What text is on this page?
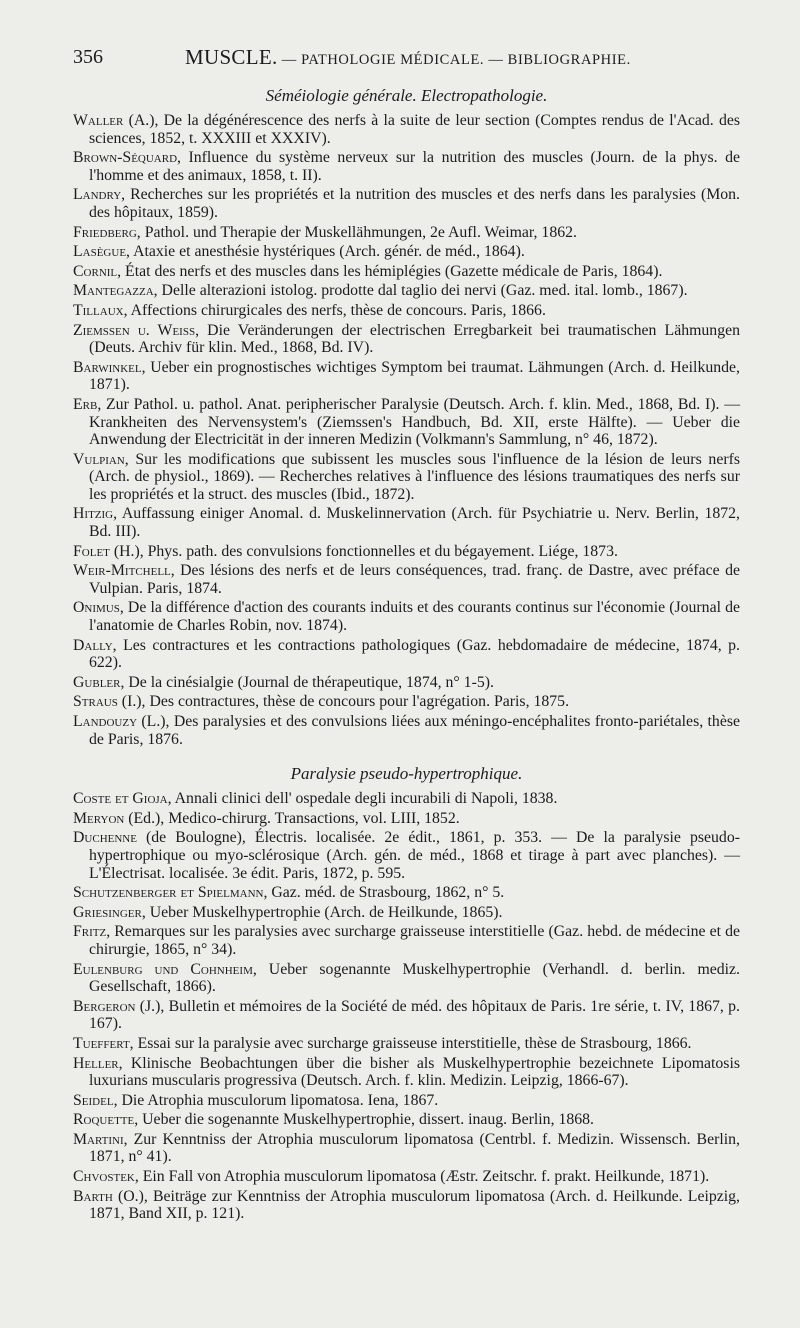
356	MUSCLE. — PATHOLOGIE MÉDICALE. — BIBLIOGRAPHIE.
Séméiologie générale. Electropathologie.
Waller (A.), De la dégénérescence des nerfs à la suite de leur section (Comptes rendus de l'Acad. des sciences, 1852, t. XXXIII et XXXIV).
Brown-Séquard, Influence du système nerveux sur la nutrition des muscles (Journ. de la phys. de l'homme et des animaux, 1858, t. II).
Landry, Recherches sur les propriétés et la nutrition des muscles et des nerfs dans les paralysies (Mon. des hôpitaux, 1859).
Friedberg, Pathol. und Therapie der Muskellähmungen, 2e Aufl. Weimar, 1862.
Lasègue, Ataxie et anesthésie hystériques (Arch. génér. de méd., 1864).
Cornil, État des nerfs et des muscles dans les hémiplégies (Gazette médicale de Paris, 1864).
Mantegazza, Delle alterazioni istolog. prodotte dal taglio dei nervi (Gaz. med. ital. lomb., 1867).
Tillaux, Affections chirurgicales des nerfs, thèse de concours. Paris, 1866.
Ziemssen u. Weiss, Die Veränderungen der electrischen Erregbarkeit bei traumatischen Lähmungen (Deuts. Archiv für klin. Med., 1868, Bd. IV).
Barwinkel, Ueber ein prognostisches wichtiges Symptom bei traumat. Lähmungen (Arch. d. Heilkunde, 1871).
Erb, Zur Pathol. u. pathol. Anat. peripherischer Paralysie (Deutsch. Arch. f. klin. Med., 1868, Bd. I). — Krankheiten des Nervensystem's (Ziemssen's Handbuch, Bd. XII, erste Hälfte). — Ueber die Anwendung der Electricität in der inneren Medizin (Volkmann's Sammlung, n° 46, 1872).
Vulpian, Sur les modifications que subissent les muscles sous l'influence de la lésion de leurs nerfs (Arch. de physiol., 1869). — Recherches relatives à l'influence des lésions traumatiques des nerfs sur les propriétés et la struct. des muscles (Ibid., 1872).
Hitzig, Auffassung einiger Anomal. d. Muskelinnervation (Arch. für Psychiatrie u. Nerv. Berlin, 1872, Bd. III).
Folet (H.), Phys. path. des convulsions fonctionnelles et du bégayement. Liége, 1873.
Weir-Mitchell, Des lésions des nerfs et de leurs conséquences, trad. franç. de Dastre, avec préface de Vulpian. Paris, 1874.
Onimus, De la différence d'action des courants induits et des courants continus sur l'économie (Journal de l'anatomie de Charles Robin, nov. 1874).
Dally, Les contractures et les contractions pathologiques (Gaz. hebdomadaire de médecine, 1874, p. 622).
Gubler, De la cinésialgie (Journal de thérapeutique, 1874, n° 1-5).
Straus (I.), Des contractures, thèse de concours pour l'agrégation. Paris, 1875.
Landouzy (L.), Des paralysies et des convulsions liées aux méningo-encéphalites fronto-pariétales, thèse de Paris, 1876.
Paralysie pseudo-hypertrophique.
Coste et Gioja, Annali clinici dell' ospedale degli incurabili di Napoli, 1838.
Meryon (Ed.), Medico-chirurg. Transactions, vol. LIII, 1852.
Duchenne (de Boulogne), Électris. localisée. 2e édit., 1861, p. 353. — De la paralysie pseudo-hypertrophique ou myo-sclérosique (Arch. gén. de méd., 1868 et tirage à part avec planches). — L'Électrisat. localisée. 3e édit. Paris, 1872, p. 595.
Schutzenberger et Spielmann, Gaz. méd. de Strasbourg, 1862, n° 5.
Griesinger, Ueber Muskelhypertrophie (Arch. de Heilkunde, 1865).
Fritz, Remarques sur les paralysies avec surcharge graisseuse interstitielle (Gaz. hebd. de médecine et de chirurgie, 1865, n° 34).
Eulenburg und Cohnheim, Ueber sogenannte Muskelhypertrophie (Verhandl. d. berlin. mediz. Gesellschaft, 1866).
Bergeron (J.), Bulletin et mémoires de la Société de méd. des hôpitaux de Paris. 1re série, t. IV, 1867, p. 167).
Tueffert, Essai sur la paralysie avec surcharge graisseuse interstitielle, thèse de Strasbourg, 1866.
Heller, Klinische Beobachtungen über die bisher als Muskelhypertrophie bezeichnete Lipomatosis luxurians muscularis progressiva (Deutsch. Arch. f. klin. Medizin. Leipzig, 1866-67).
Seidel, Die Atrophia musculorum lipomatosa. Iena, 1867.
Roquette, Ueber die sogenannte Muskelhypertrophie, dissert. inaug. Berlin, 1868.
Martini, Zur Kenntniss der Atrophia musculorum lipomatosa (Centrbl. f. Medizin. Wissensch. Berlin, 1871, n° 41).
Chvostek, Ein Fall von Atrophia musculorum lipomatosa (Æstr. Zeitschr. f. prakt. Heilkunde, 1871).
Barth (O.), Beiträge zur Kenntniss der Atrophia musculorum lipomatosa (Arch. d. Heilkunde. Leipzig, 1871, Band XII, p. 121).
